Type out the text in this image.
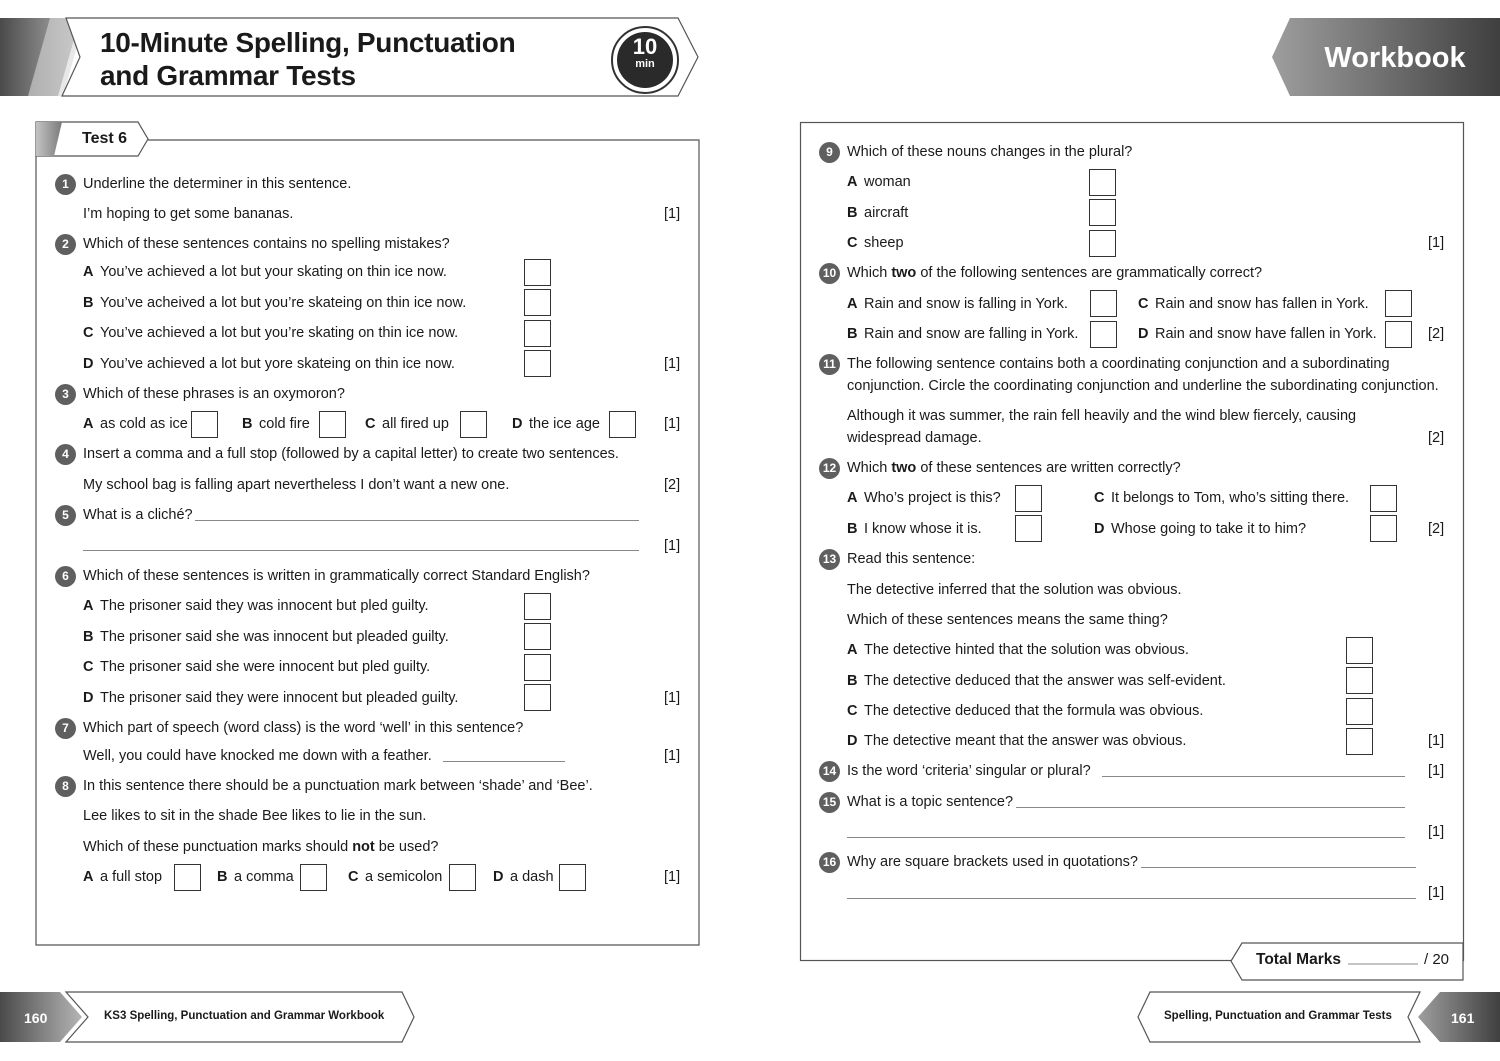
10-Minute Spelling, Punctuation
and Grammar Tests
10
min	Workbook
Test 6
1 Underline the determiner in this sentence.
I’m hoping to get some bananas.	[1]
2 Which of these sentences contains no spelling mistakes?
A You’ve achieved a lot but your skating on thin ice now.
B You’ve acheived a lot but you’re skateing on thin ice now.
C You’ve achieved a lot but you’re skating on thin ice now.
D You’ve achieved a lot but yore skateing on thin ice now.	[1]
3 Which of these phrases is an oxymoron?
A as cold as ice	B cold fire	C all fired up	D the ice age	[1]
4 Insert a comma and a full stop (followed by a capital letter) to create two sentences.
My school bag is falling apart nevertheless I don’t want a new one.	[2]
5 What is a cliché?
[1]
6 Which of these sentences is written in grammatically correct Standard English?
A The prisoner said they was innocent but pled guilty.
B The prisoner said she was innocent but pleaded guilty.
C The prisoner said she were innocent but pled guilty.
D The prisoner said they were innocent but pleaded guilty.	[1]
7 Which part of speech (word class) is the word ‘well’ in this sentence?
Well, you could have knocked me down with a feather.	[1]
8 In this sentence there should be a punctuation mark between ‘shade’ and ‘Bee’.
Lee likes to sit in the shade Bee likes to lie in the sun.
Which of these punctuation marks should not be used?
A a full stop	B a comma	C a semicolon	D a dash	[1]
9 Which of these nouns changes in the plural?
A woman
B aircraft
C sheep	[1]
10 Which two of the following sentences are grammatically correct?
A Rain and snow is falling in York.
B Rain and snow are falling in York.
C Rain and snow has fallen in York.
D Rain and snow have fallen in York.	[2]
11 The following sentence contains both a coordinating conjunction and a subordinating
conjunction. Circle the coordinating conjunction and underline the subordinating conjunction.
Although it was summer, the rain fell heavily and the wind blew fiercely, causing
widespread damage.	[2]
12 Which two of these sentences are written correctly?
A Who’s project is this?
B I know whose it is.
C It belongs to Tom, who’s sitting there.
D Whose going to take it to him?	[2]
13 Read this sentence:
The detective inferred that the solution was obvious.
Which of these sentences means the same thing?
A The detective hinted that the solution was obvious.
B The detective deduced that the answer was self-evident.
C The detective deduced that the formula was obvious.
D The detective meant that the answer was obvious.	[1]
14 Is the word ‘criteria’ singular or plural?	[1]
15 What is a topic sentence?
[1]
16 Why are square brackets used in quotations?
[1]
Total Marks	/ 20
160	KS3 Spelling, Punctuation and Grammar Workbook	Spelling, Punctuation and Grammar Tests	161
